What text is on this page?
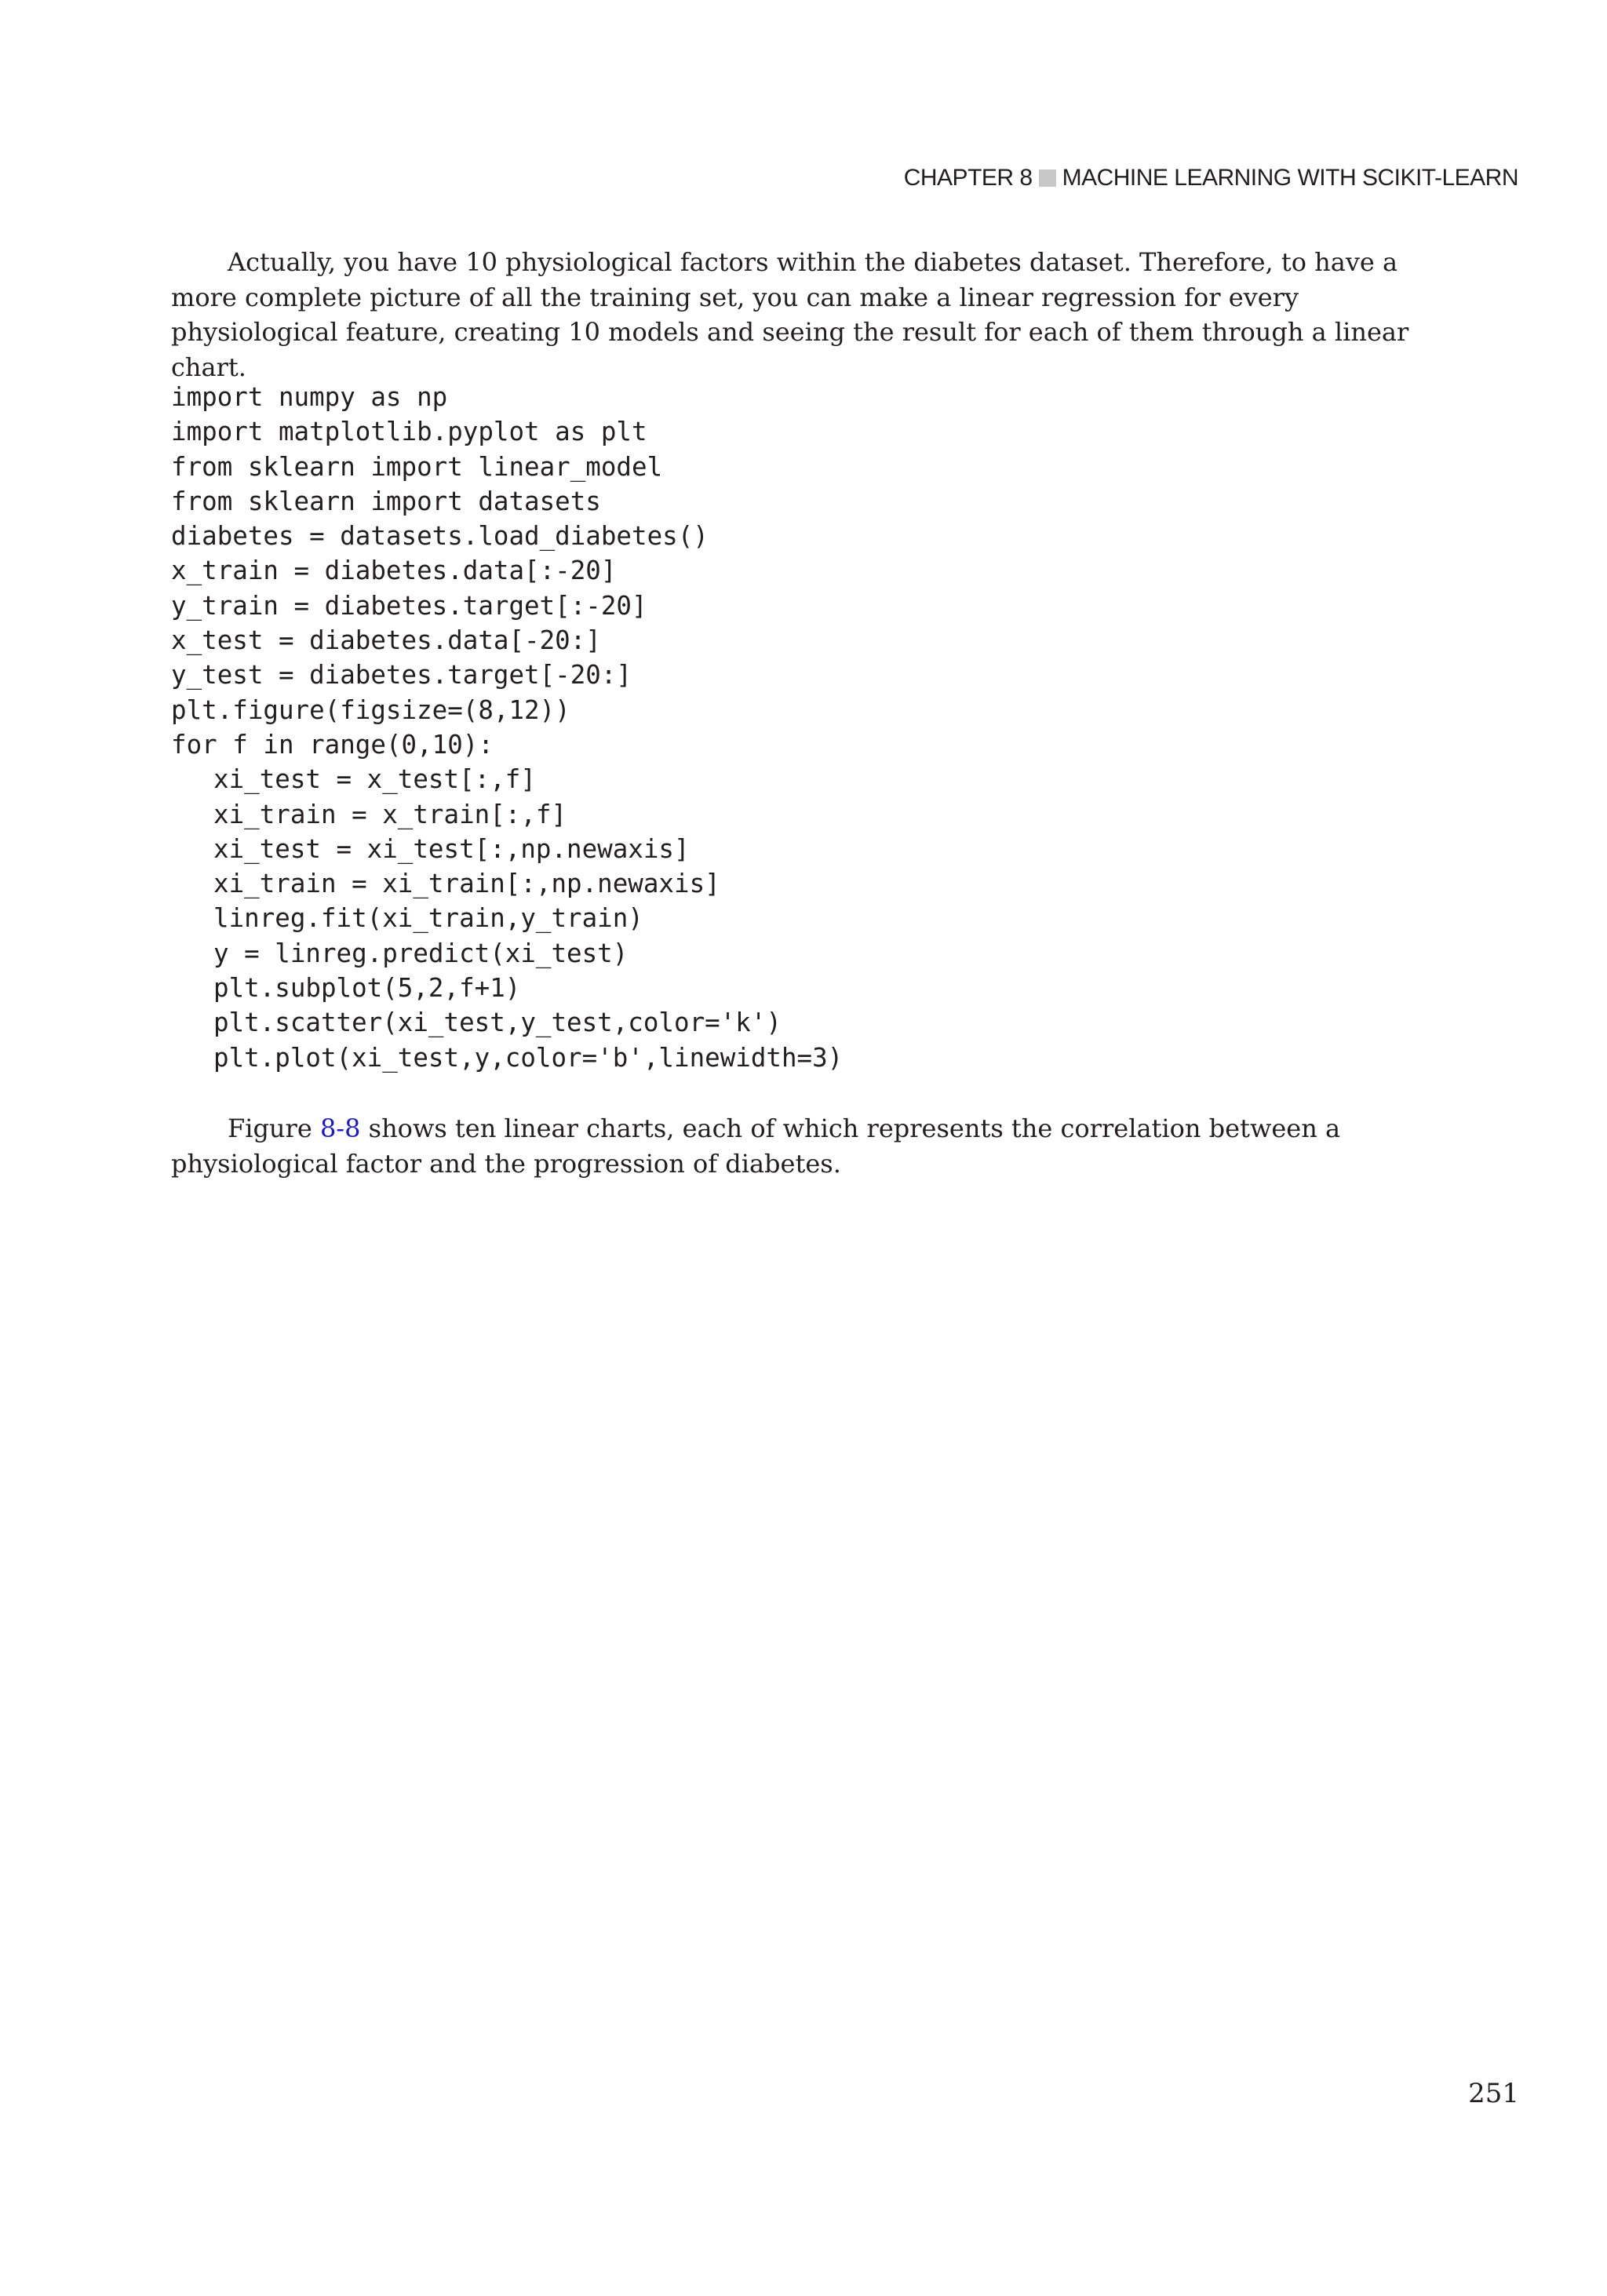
CHAPTER 8 MACHINE LEARNING WITH SCIKIT-LEARN

Actually, you have 10 physiological factors within the diabetes dataset. Therefore, to have a more complete picture of all the training set, you can make a linear regression for every physiological feature, creating 10 models and seeing the result for each of them through a linear chart.

import numpy as np
import matplotlib.pyplot as plt
from sklearn import linear_model
from sklearn import datasets
diabetes = datasets.load_diabetes()
x_train = diabetes.data[:-20]
y_train = diabetes.target[:-20]
x_test = diabetes.data[-20:]
y_test = diabetes.target[-20:]
plt.figure(figsize=(8,12))
for f in range(0,10):
xi_test = x_test[:,f]
xi_train = x_train[:,f]
xi_test = xi_test[:,np.newaxis]
xi_train = xi_train[:,np.newaxis]
linreg.fit(xi_train,y_train)
y = linreg.predict(xi_test)
plt.subplot(5,2,f+1)
plt.scatter(xi_test,y_test,color='k')
plt.plot(xi_test,y,color='b',linewidth=3)

Figure 8-8 shows ten linear charts, each of which represents the correlation between a physiological factor and the progression of diabetes.

251
